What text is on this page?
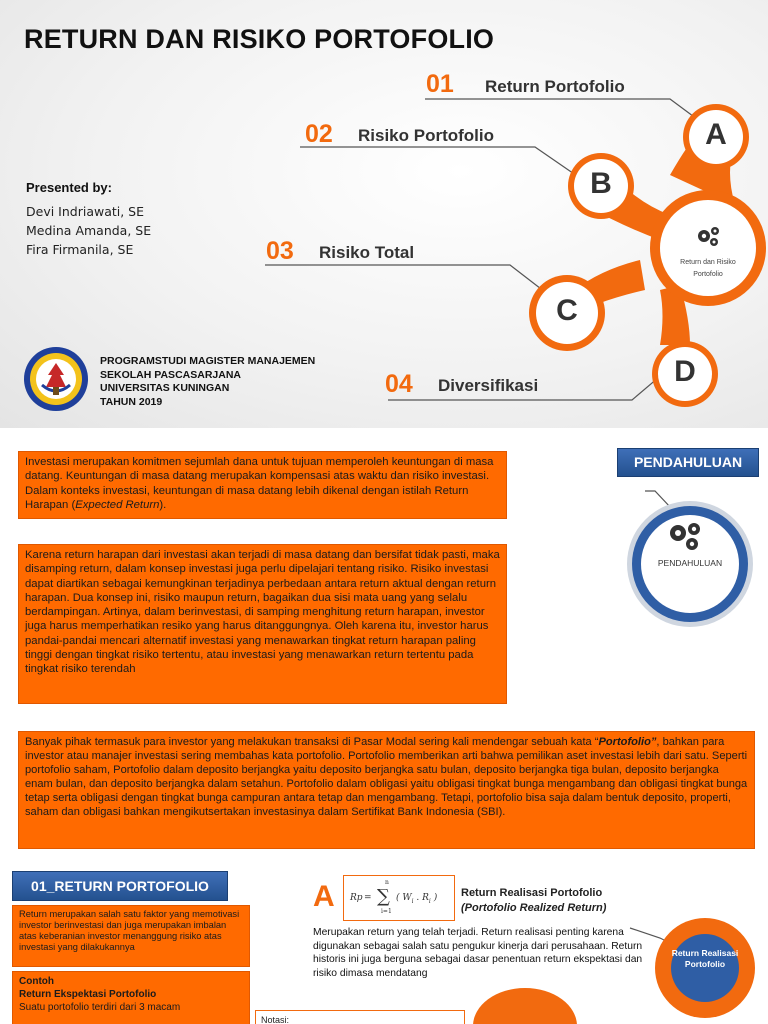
RETURN DAN RISIKO PORTOFOLIO
Presented by:
Devi Indriawati, SE
Medina Amanda, SE
Fira Firmanila, SE
PROGRAMSTUDI MAGISTER MANAJEMEN
SEKOLAH PASCASARJANA
UNIVERSITAS KUNINGAN
TAHUN 2019
A
B
C
D
Return dan Risiko
Portofolio
01 Return Portofolio
02 Risiko Portofolio
03 Risiko Total
04 Diversifikasi
Investasi merupakan komitmen sejumlah dana untuk tujuan memperoleh keuntungan di masa datang. Keuntungan di masa datang merupakan kompensasi atas waktu dan risiko investasi. Dalam konteks investasi, keuntungan di masa datang lebih dikenal dengan istilah Return Harapan (Expected Return).
Karena return harapan dari investasi akan terjadi di masa datang dan bersifat tidak pasti, maka disamping return, dalam konsep investasi juga perlu dipelajari tentang risiko. Risiko investasi dapat diartikan sebagai kemungkinan terjadinya perbedaan antara return aktual dengan return harapan. Dua konsep ini, risiko maupun return, bagaikan dua sisi mata uang yang selalu berdampingan. Artinya, dalam berinvestasi, di samping menghitung return harapan, investor juga harus memperhatikan resiko yang harus ditanggungnya. Oleh karena itu, investor harus pandai-pandai mencari alternatif investasi yang menawarkan tingkat return harapan paling tinggi dengan tingkat risiko tertentu, atau investasi yang menawarkan return tertentu pada tingkat risiko terendah
Banyak pihak termasuk para investor yang melakukan transaksi di Pasar Modal sering kali mendengar sebuah kata “Portofolio”, bahkan para investor atau manajer investasi sering membahas kata portofolio. Portofolio memberikan arti bahwa pemilikan aset investasi lebih dari satu. Seperti portofolio saham, Portofolio dalam deposito berjangka yaitu deposito berjangka satu bulan, deposito berjangka tiga bulan, deposito berjangka enam bulan, dan deposito berjangka dalam setahun. Portofolio dalam obligasi yaitu obligasi tingkat bunga mengambang dan obligasi tingkat bunga tetap serta obligasi dengan tingkat bunga campuran antara tetap dan mengambang. Tetapi, portofolio bisa saja dalam bentuk deposito, properti, saham dan obligasi bahkan mengikutsertakan investasinya dalam Sertifikat Bank Indonesia (SBI).
PENDAHULUAN
PENDAHULUAN
01_RETURN PORTOFOLIO
Return merupakan salah satu faktor yang memotivasi investor berinvestasi dan juga merupakan imbalan atas keberanian investor menanggung risiko atas investasi yang dilakukannya
Contoh
Return Ekspektasi Portofolio
Suatu portofolio terdiri dari 3 macam
A Rp =
n
∑
i=1
( $W_i$ . $R_i$ ) Return Realisasi Portofolio
(Portofolio Realized Return)
Merupakan return yang telah terjadi. Return realisasi penting karena digunakan sebagai salah satu pengukur kinerja dari perusahaan. Return historis ini juga berguna sebagai dasar penentuan return ekspektasi dan risiko dimasa mendatang
Return Realisasi Portofolio
Notasi:
